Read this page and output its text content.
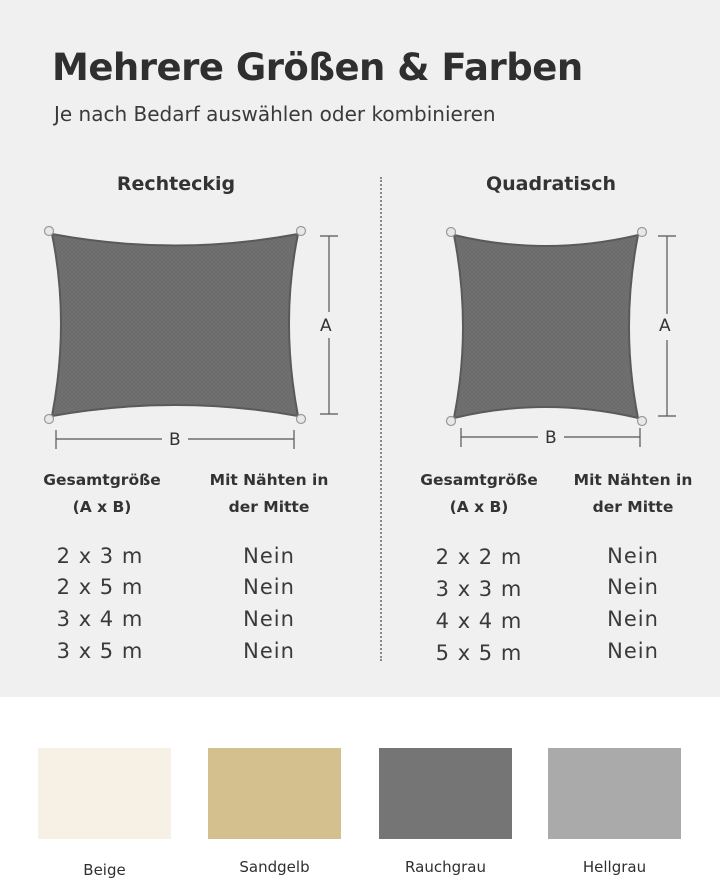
Mehrere Größen & Farben
Je nach Bedarf auswählen oder kombinieren
Rechteckig
A
B
Gesamtgröße
(A x B)
Mit Nähten in
der Mitte
2 x 3 m	Nein
2 x 5 m	Nein
3 x 4 m	Nein
3 x 5 m	Nein
Quadratisch
A
B
Gesamtgröße
(A x B)
Mit Nähten in
der Mitte
2 x 2 m	Nein
3 x 3 m	Nein
4 x 4 m	Nein
5 x 5 m	Nein
Beige	Sandgelb	Rauchgrau	Hellgrau
